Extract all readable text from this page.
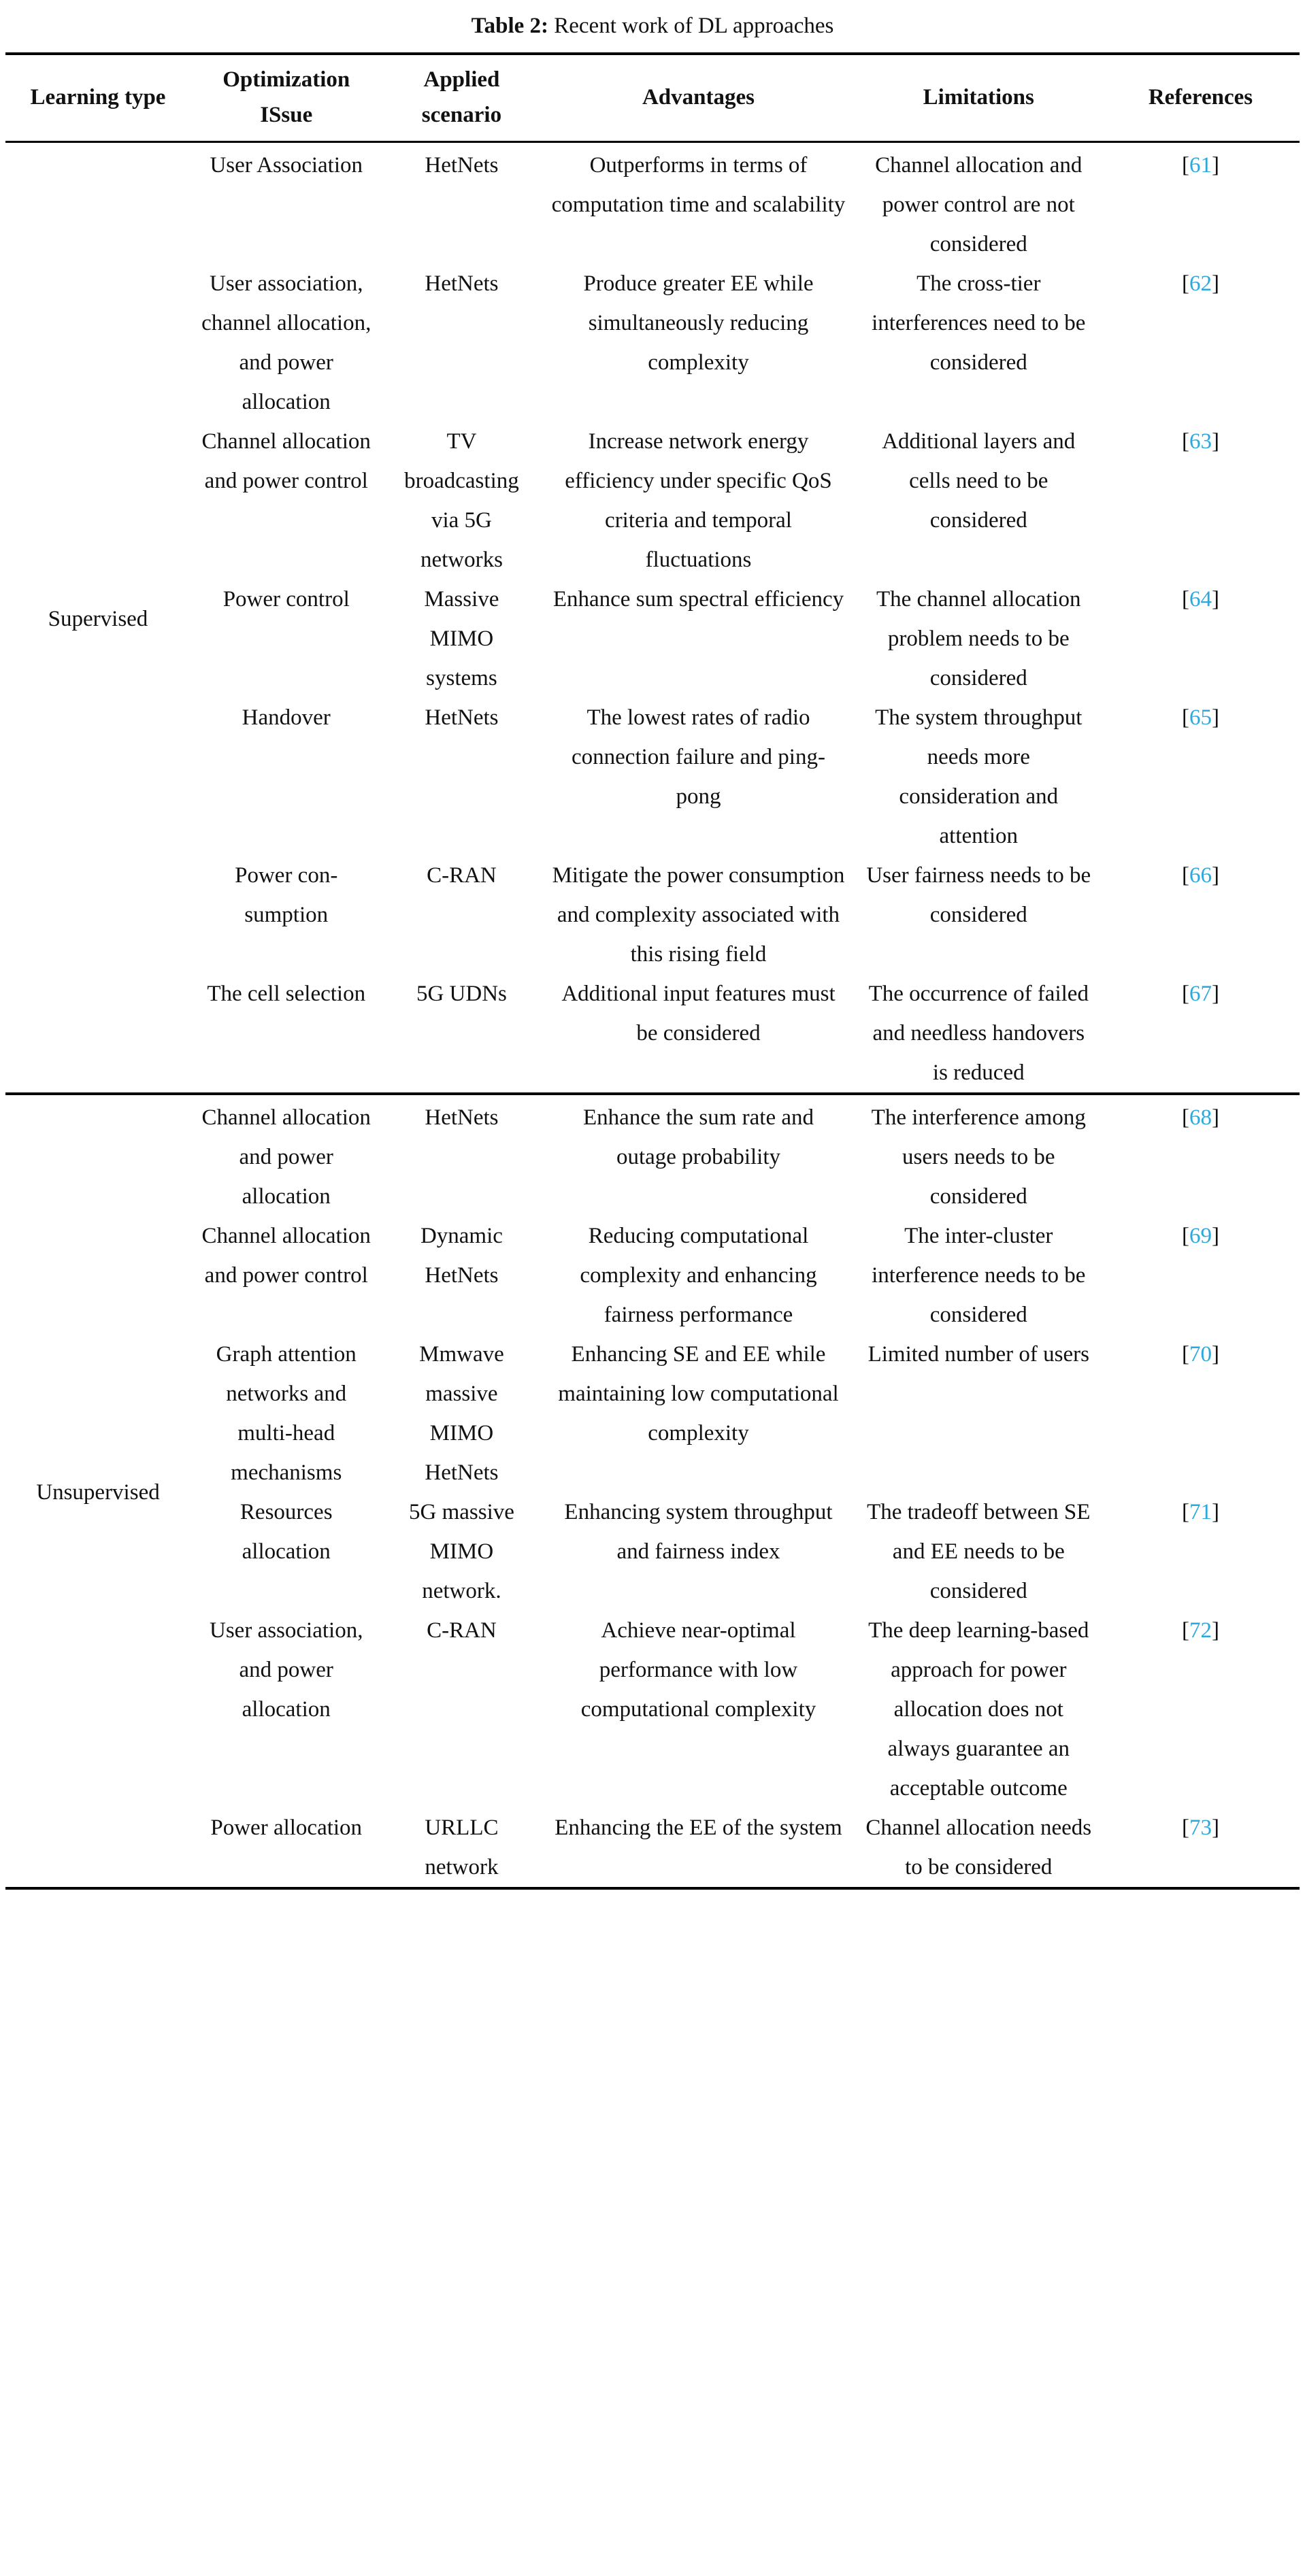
Table 2: Recent work of DL approaches
Learning type	Optimization ISsue	Applied scenario	Advantages	Limitations	References
Supervised	User Association	HetNets	Outperforms in terms of computation time and scalability	Channel allocation and power control are not considered	[61]
	User association, channel allocation, and power allocation	HetNets	Produce greater EE while simultaneously reducing complexity	The cross-tier interferences need to be considered	[62]
	Channel allocation and power control	TV broadcasting via 5G networks	Increase network energy efficiency under specific QoS criteria and temporal fluctuations	Additional layers and cells need to be considered	[63]
	Power control	Massive MIMO systems	Enhance sum spectral efficiency	The channel allocation problem needs to be considered	[64]
	Handover	HetNets	The lowest rates of radio connection failure and ping-pong	The system throughput needs more consideration and attention	[65]
	Power con- sumption	C-RAN	Mitigate the power consumption and complexity associated with this rising field	User fairness needs to be considered	[66]
	The cell selection	5G UDNs	Additional input features must be considered	The occurrence of failed and needless handovers is reduced	[67]
Unsupervised	Channel allocation and power allocation	HetNets	Enhance the sum rate and outage probability	The interference among users needs to be considered	[68]
	Channel allocation and power control	Dynamic HetNets	Reducing computational complexity and enhancing fairness performance	The inter-cluster interference needs to be considered	[69]
	Graph attention networks and multi-head mechanisms	Mmwave massive MIMO HetNets	Enhancing SE and EE while maintaining low computational complexity	Limited number of users	[70]
	Resources allocation	5G massive MIMO network.	Enhancing system throughput and fairness index	The tradeoff between SE and EE needs to be considered	[71]
	User association, and power allocation	C-RAN	Achieve near-optimal performance with low computational complexity	The deep learning-based approach for power allocation does not always guarantee an acceptable outcome	[72]
	Power allocation	URLLC network	Enhancing the EE of the system	Channel allocation needs to be considered	[73]
